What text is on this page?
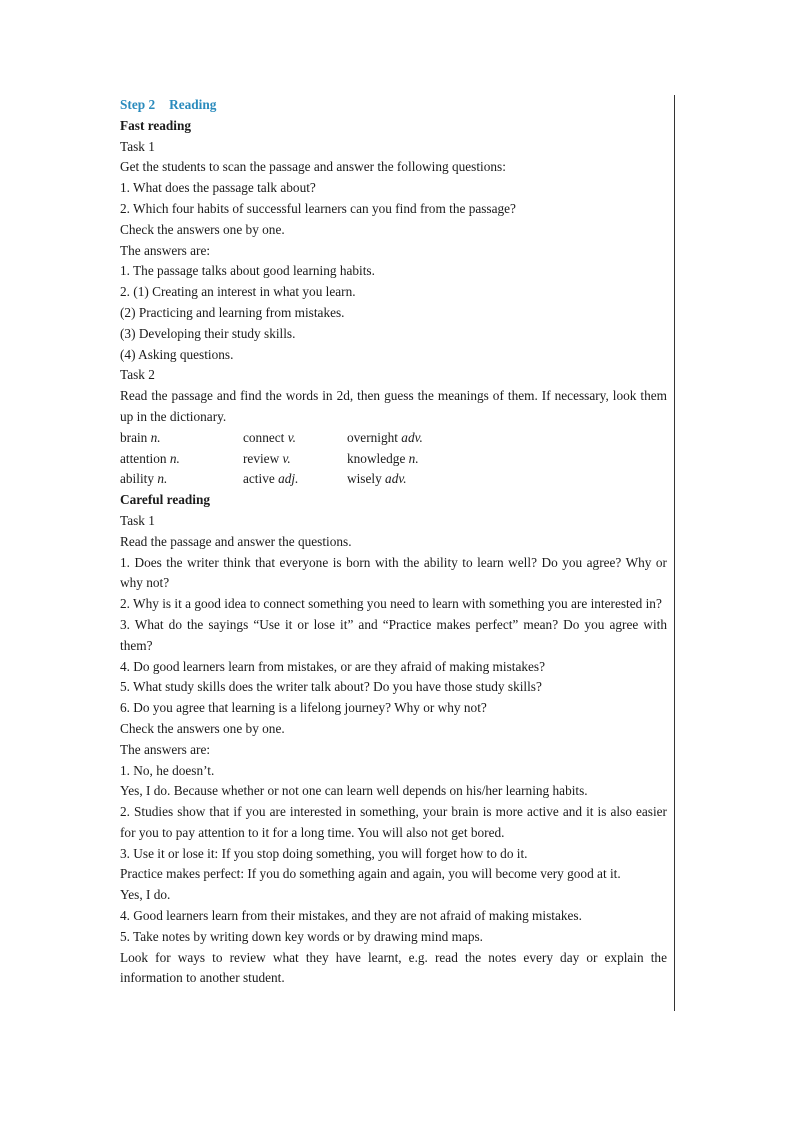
Step 2 Reading
Fast reading
Task 1
Get the students to scan the passage and answer the following questions:
1. What does the passage talk about?
2. Which four habits of successful learners can you find from the passage?
Check the answers one by one.
The answers are:
1. The passage talks about good learning habits.
2. (1) Creating an interest in what you learn.
(2) Practicing and learning from mistakes.
(3) Developing their study skills.
(4) Asking questions.
Task 2
Read the passage and find the words in 2d, then guess the meanings of them. If necessary, look them up in the dictionary.
brain n.	connect v.	overnight adv.
attention n.	review v.	knowledge n.
ability n.	active adj.	wisely adv.
Careful reading
Task 1
Read the passage and answer the questions.
1. Does the writer think that everyone is born with the ability to learn well? Do you agree? Why or why not?
2. Why is it a good idea to connect something you need to learn with something you are interested in?
3. What do the sayings “Use it or lose it” and “Practice makes perfect” mean? Do you agree with them?
4. Do good learners learn from mistakes, or are they afraid of making mistakes?
5. What study skills does the writer talk about? Do you have those study skills?
6. Do you agree that learning is a lifelong journey? Why or why not?
Check the answers one by one.
The answers are:
1. No, he doesn’t.
Yes, I do. Because whether or not one can learn well depends on his/her learning habits.
2. Studies show that if you are interested in something, your brain is more active and it is also easier for you to pay attention to it for a long time. You will also not get bored.
3. Use it or lose it: If you stop doing something, you will forget how to do it.
Practice makes perfect: If you do something again and again, you will become very good at it.
Yes, I do.
4. Good learners learn from their mistakes, and they are not afraid of making mistakes.
5. Take notes by writing down key words or by drawing mind maps.
Look for ways to review what they have learnt, e.g. read the notes every day or explain the information to another student.
